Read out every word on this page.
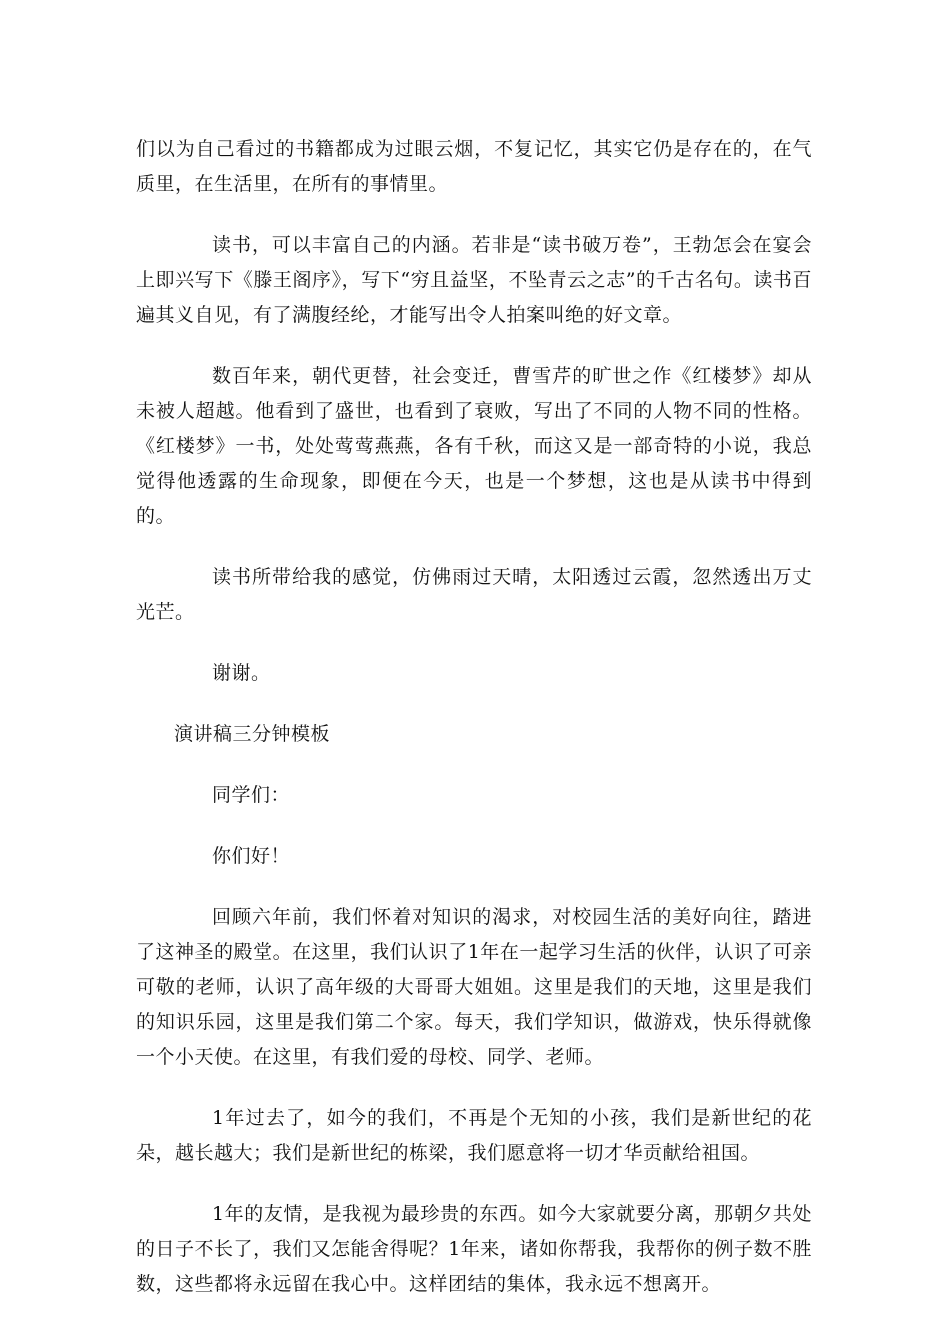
们以为自己看过的书籍都成为过眼云烟，不复记忆，其实它仍是存在的，在气质里，在生活里，在所有的事情里。

读书，可以丰富自己的内涵。若非是“读书破万卷”，王勃怎会在宴会上即兴写下《滕王阁序》，写下“穷且益坚，不坠青云之志”的千古名句。读书百遍其义自见，有了满腹经纶，才能写出令人拍案叫绝的好文章。

数百年来，朝代更替，社会变迁，曹雪芹的旷世之作《红楼梦》却从未被人超越。他看到了盛世，也看到了衰败，写出了不同的人物不同的性格。《红楼梦》一书，处处莺莺燕燕，各有千秋，而这又是一部奇特的小说，我总觉得他透露的生命现象，即便在今天，也是一个梦想，这也是从读书中得到的。

读书所带给我的感觉，仿佛雨过天晴，太阳透过云霞，忽然透出万丈光芒。

谢谢。

演讲稿三分钟模板

同学们：

你们好！

回顾六年前，我们怀着对知识的渴求，对校园生活的美好向往，踏进了这神圣的殿堂。在这里，我们认识了1年在一起学习生活的伙伴，认识了可亲可敬的老师，认识了高年级的大哥哥大姐姐。这里是我们的天地，这里是我们的知识乐园，这里是我们第二个家。每天，我们学知识，做游戏，快乐得就像一个小天使。在这里，有我们爱的母校、同学、老师。

1年过去了，如今的我们，不再是个无知的小孩，我们是新世纪的花朵，越长越大；我们是新世纪的栋梁，我们愿意将一切才华贡献给祖国。

1年的友情，是我视为最珍贵的东西。如今大家就要分离，那朝夕共处的日子不长了，我们又怎能舍得呢？1年来，诸如你帮我，我帮你的例子数不胜数，这些都将永远留在我心中。这样团结的集体，我永远不想离开。
